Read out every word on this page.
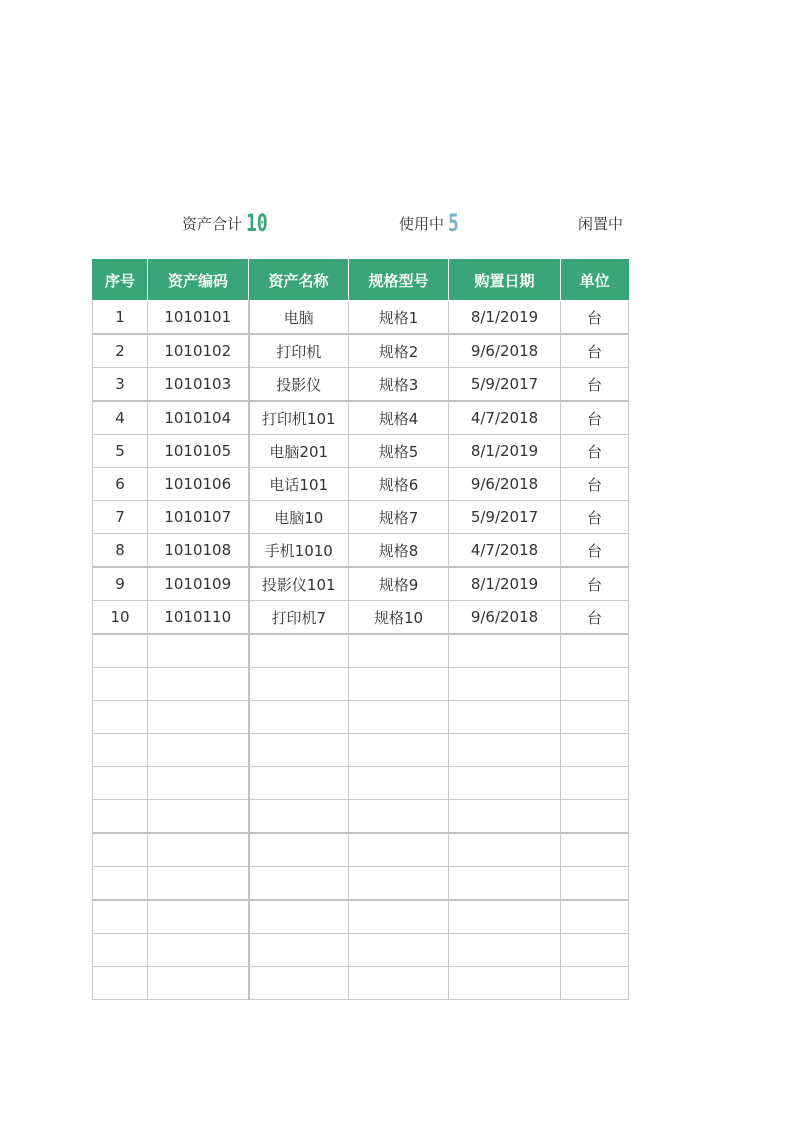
资产合计 10	使用中 5	闲置中
序号	资产编码	资产名称	规格型号	购置日期	单位
1	1010101	电脑	规格1	8/1/2019	台
2	1010102	打印机	规格2	9/6/2018	台
3	1010103	投影仪	规格3	5/9/2017	台
4	1010104	打印机101	规格4	4/7/2018	台
5	1010105	电脑201	规格5	8/1/2019	台
6	1010106	电话101	规格6	9/6/2018	台
7	1010107	电脑10	规格7	5/9/2017	台
8	1010108	手机1010	规格8	4/7/2018	台
9	1010109	投影仪101	规格9	8/1/2019	台
10	1010110	打印机7	规格10	9/6/2018	台
